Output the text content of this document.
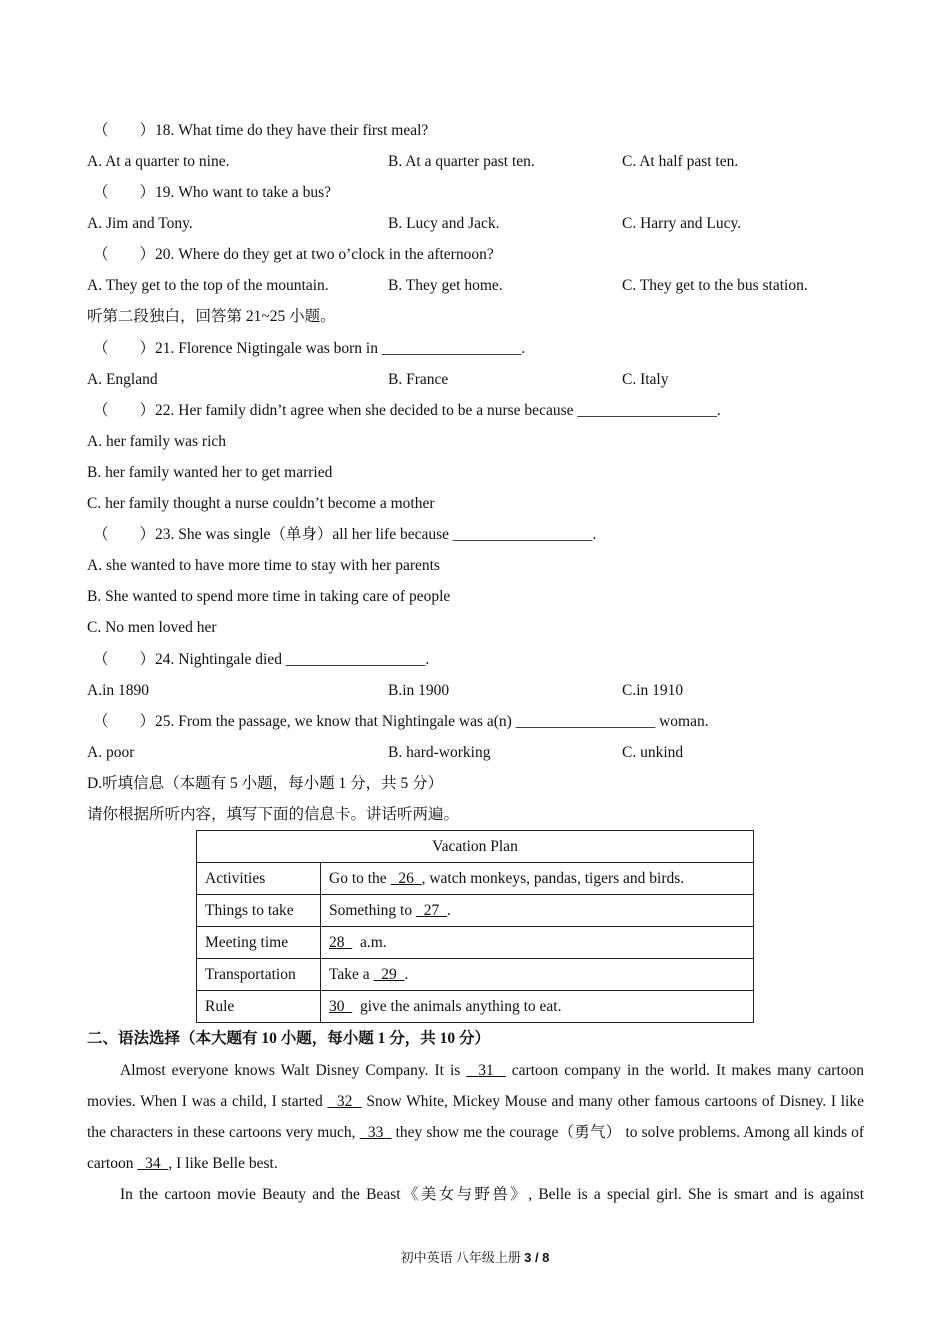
（　　）18. What time do they have their first meal?
A. At a quarter to nine.	B. At a quarter past ten.	C. At half past ten.
（　　）19. Who want to take a bus?
A. Jim and Tony.	B. Lucy and Jack.	C. Harry and Lucy.
（　　）20. Where do they get at two o’clock in the afternoon?
A. They get to the top of the mountain.	B. They get home.	C. They get to the bus station.
听第二段独白，回答第 21~25 小题。
（　　）21. Florence Nigtingale was born in __________________.
A. England	B. France	C. Italy
（　　）22. Her family didn’t agree when she decided to be a nurse because __________________.
A. her family was rich
B. her family wanted her to get married
C. her family thought a nurse couldn’t become a mother
（　　）23. She was single（单身）all her life because __________________.
A. she wanted to have more time to stay with her parents
B. She wanted to spend more time in taking care of people
C. No men loved her
（　　）24. Nightingale died __________________.
A.in 1890	B.in 1900	C.in 1910
（　　）25. From the passage, we know that Nightingale was a(n) __________________ woman.
A. poor	B. hard-working	C. unkind
D.听填信息（本题有 5 小题，每小题 1 分，共 5 分）
请你根据所听内容，填写下面的信息卡。讲话听两遍。
Vacation Plan	
Activities	Go to the   26  , watch monkeys, pandas, tigers and birds.
Things to take	Something to   27  .
Meeting time	28    a.m.
Transportation	Take a   29  .
Rule	30    give the animals anything to eat.
二、语法选择（本大题有 10 小题，每小题 1 分，共 10 分）

Almost everyone knows Walt Disney Company. It is   31   cartoon company in the world. It makes many cartoon movies. When I was a child, I started   32   Snow White, Mickey Mouse and many other famous cartoons of Disney. I like the characters in these cartoons very much,   33   they show me the courage（勇气） to solve problems. Among all kinds of cartoon   34  , I like Belle best.

In the cartoon movie Beauty and the Beast《美女与野兽》, Belle is a special girl. She is smart and is against

初中英语 八年级上册 3 / 8
